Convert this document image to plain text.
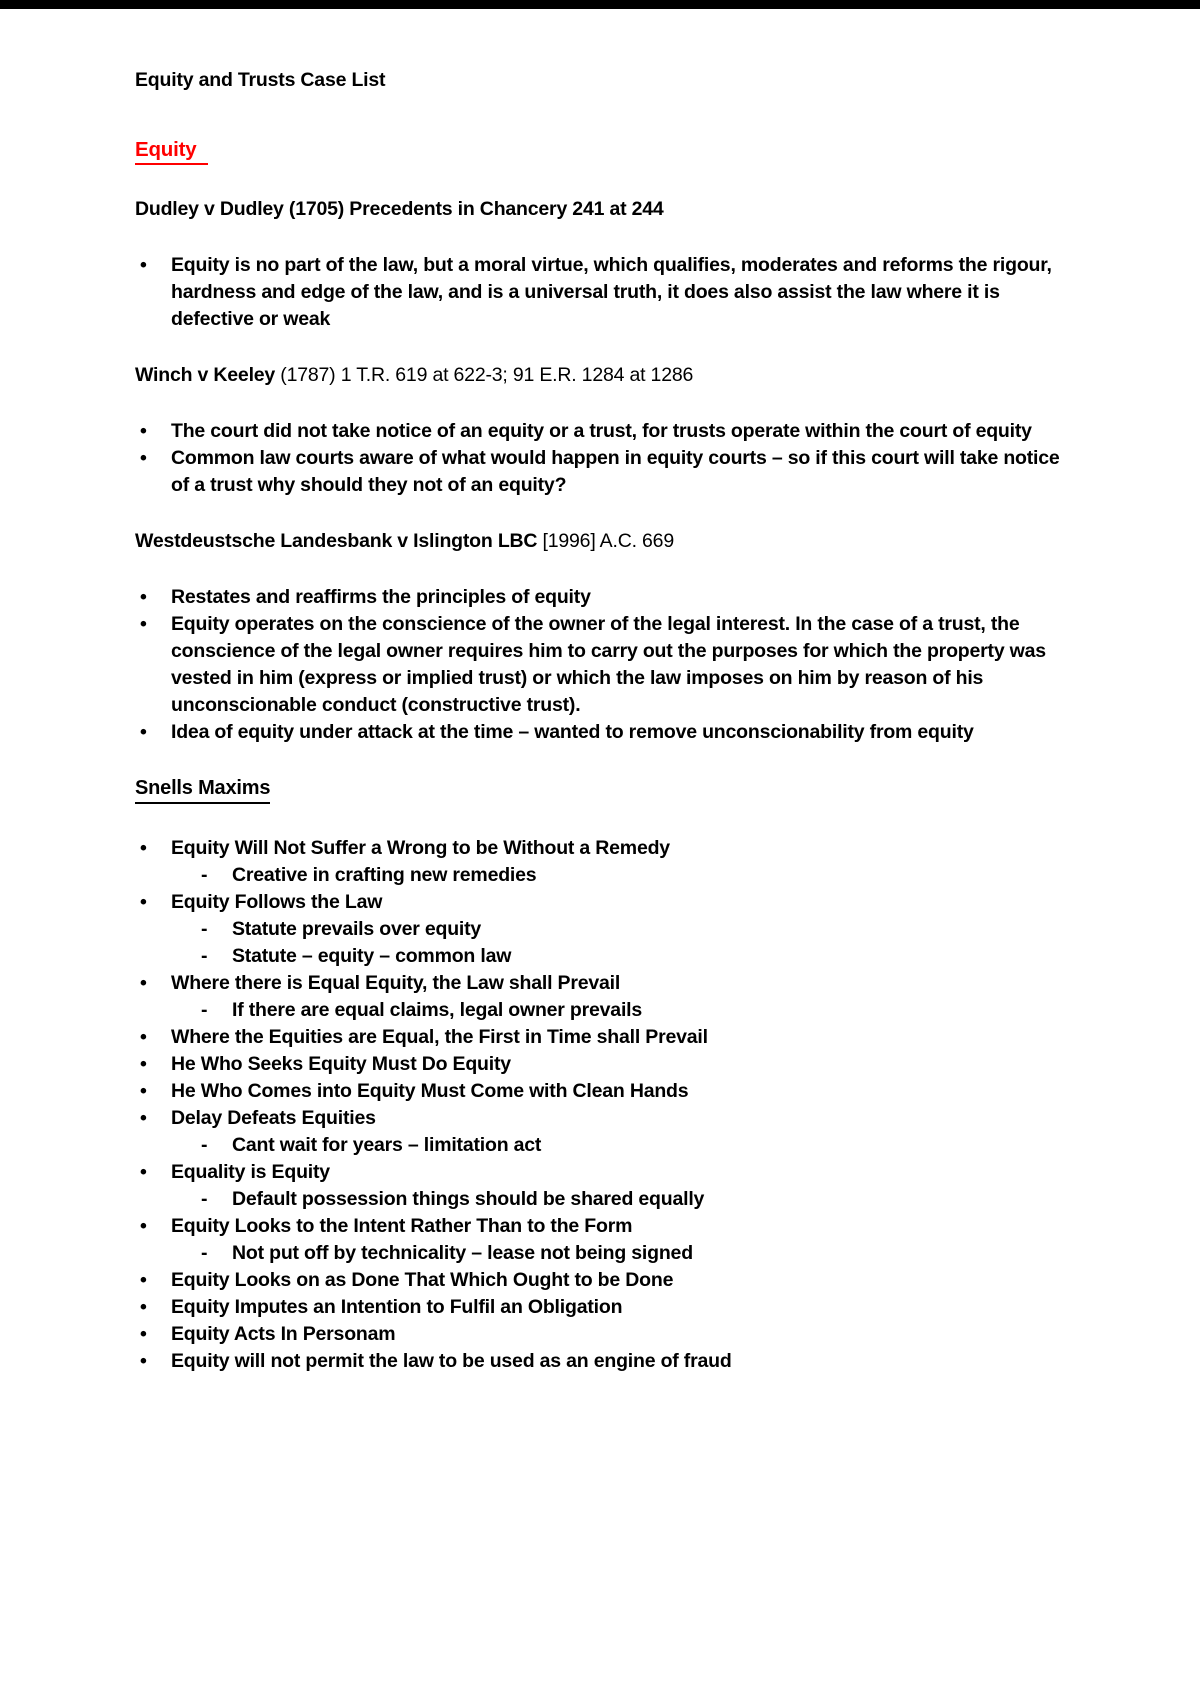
Equity and Trusts Case List
Equity
Dudley v Dudley (1705) Precedents in Chancery 241 at 244
•	Equity is no part of the law, but a moral virtue, which qualifies, moderates and reforms the rigour, hardness and edge of the law, and is a universal truth, it does also assist the law where it is defective or weak
Winch v Keeley (1787) 1 T.R. 619 at 622-3; 91 E.R. 1284 at 1286
•	The court did not take notice of an equity or a trust, for trusts operate within the court of equity
•	Common law courts aware of what would happen in equity courts – so if this court will take notice of a trust why should they not of an equity?
Westdeustsche Landesbank v Islington LBC [1996] A.C. 669
•	Restates and reaffirms the principles of equity
•	Equity operates on the conscience of the owner of the legal interest. In the case of a trust, the conscience of the legal owner requires him to carry out the purposes for which the property was vested in him (express or implied trust) or which the law imposes on him by reason of his unconscionable conduct (constructive trust).
•	Idea of equity under attack at the time – wanted to remove unconscionability from equity
Snells Maxims
•	Equity Will Not Suffer a Wrong to be Without a Remedy
-	Creative in crafting new remedies
•	Equity Follows the Law
-	Statute prevails over equity
-	Statute – equity – common law
•	Where there is Equal Equity, the Law shall Prevail
-	If there are equal claims, legal owner prevails
•	Where the Equities are Equal, the First in Time shall Prevail
•	He Who Seeks Equity Must Do Equity
•	He Who Comes into Equity Must Come with Clean Hands
•	Delay Defeats Equities
-	Cant wait for years – limitation act
•	Equality is Equity
-	Default possession things should be shared equally
•	Equity Looks to the Intent Rather Than to the Form
-	Not put off by technicality – lease not being signed
•	Equity Looks on as Done That Which Ought to be Done
•	Equity Imputes an Intention to Fulfil an Obligation
•	Equity Acts In Personam
•	Equity will not permit the law to be used as an engine of fraud
